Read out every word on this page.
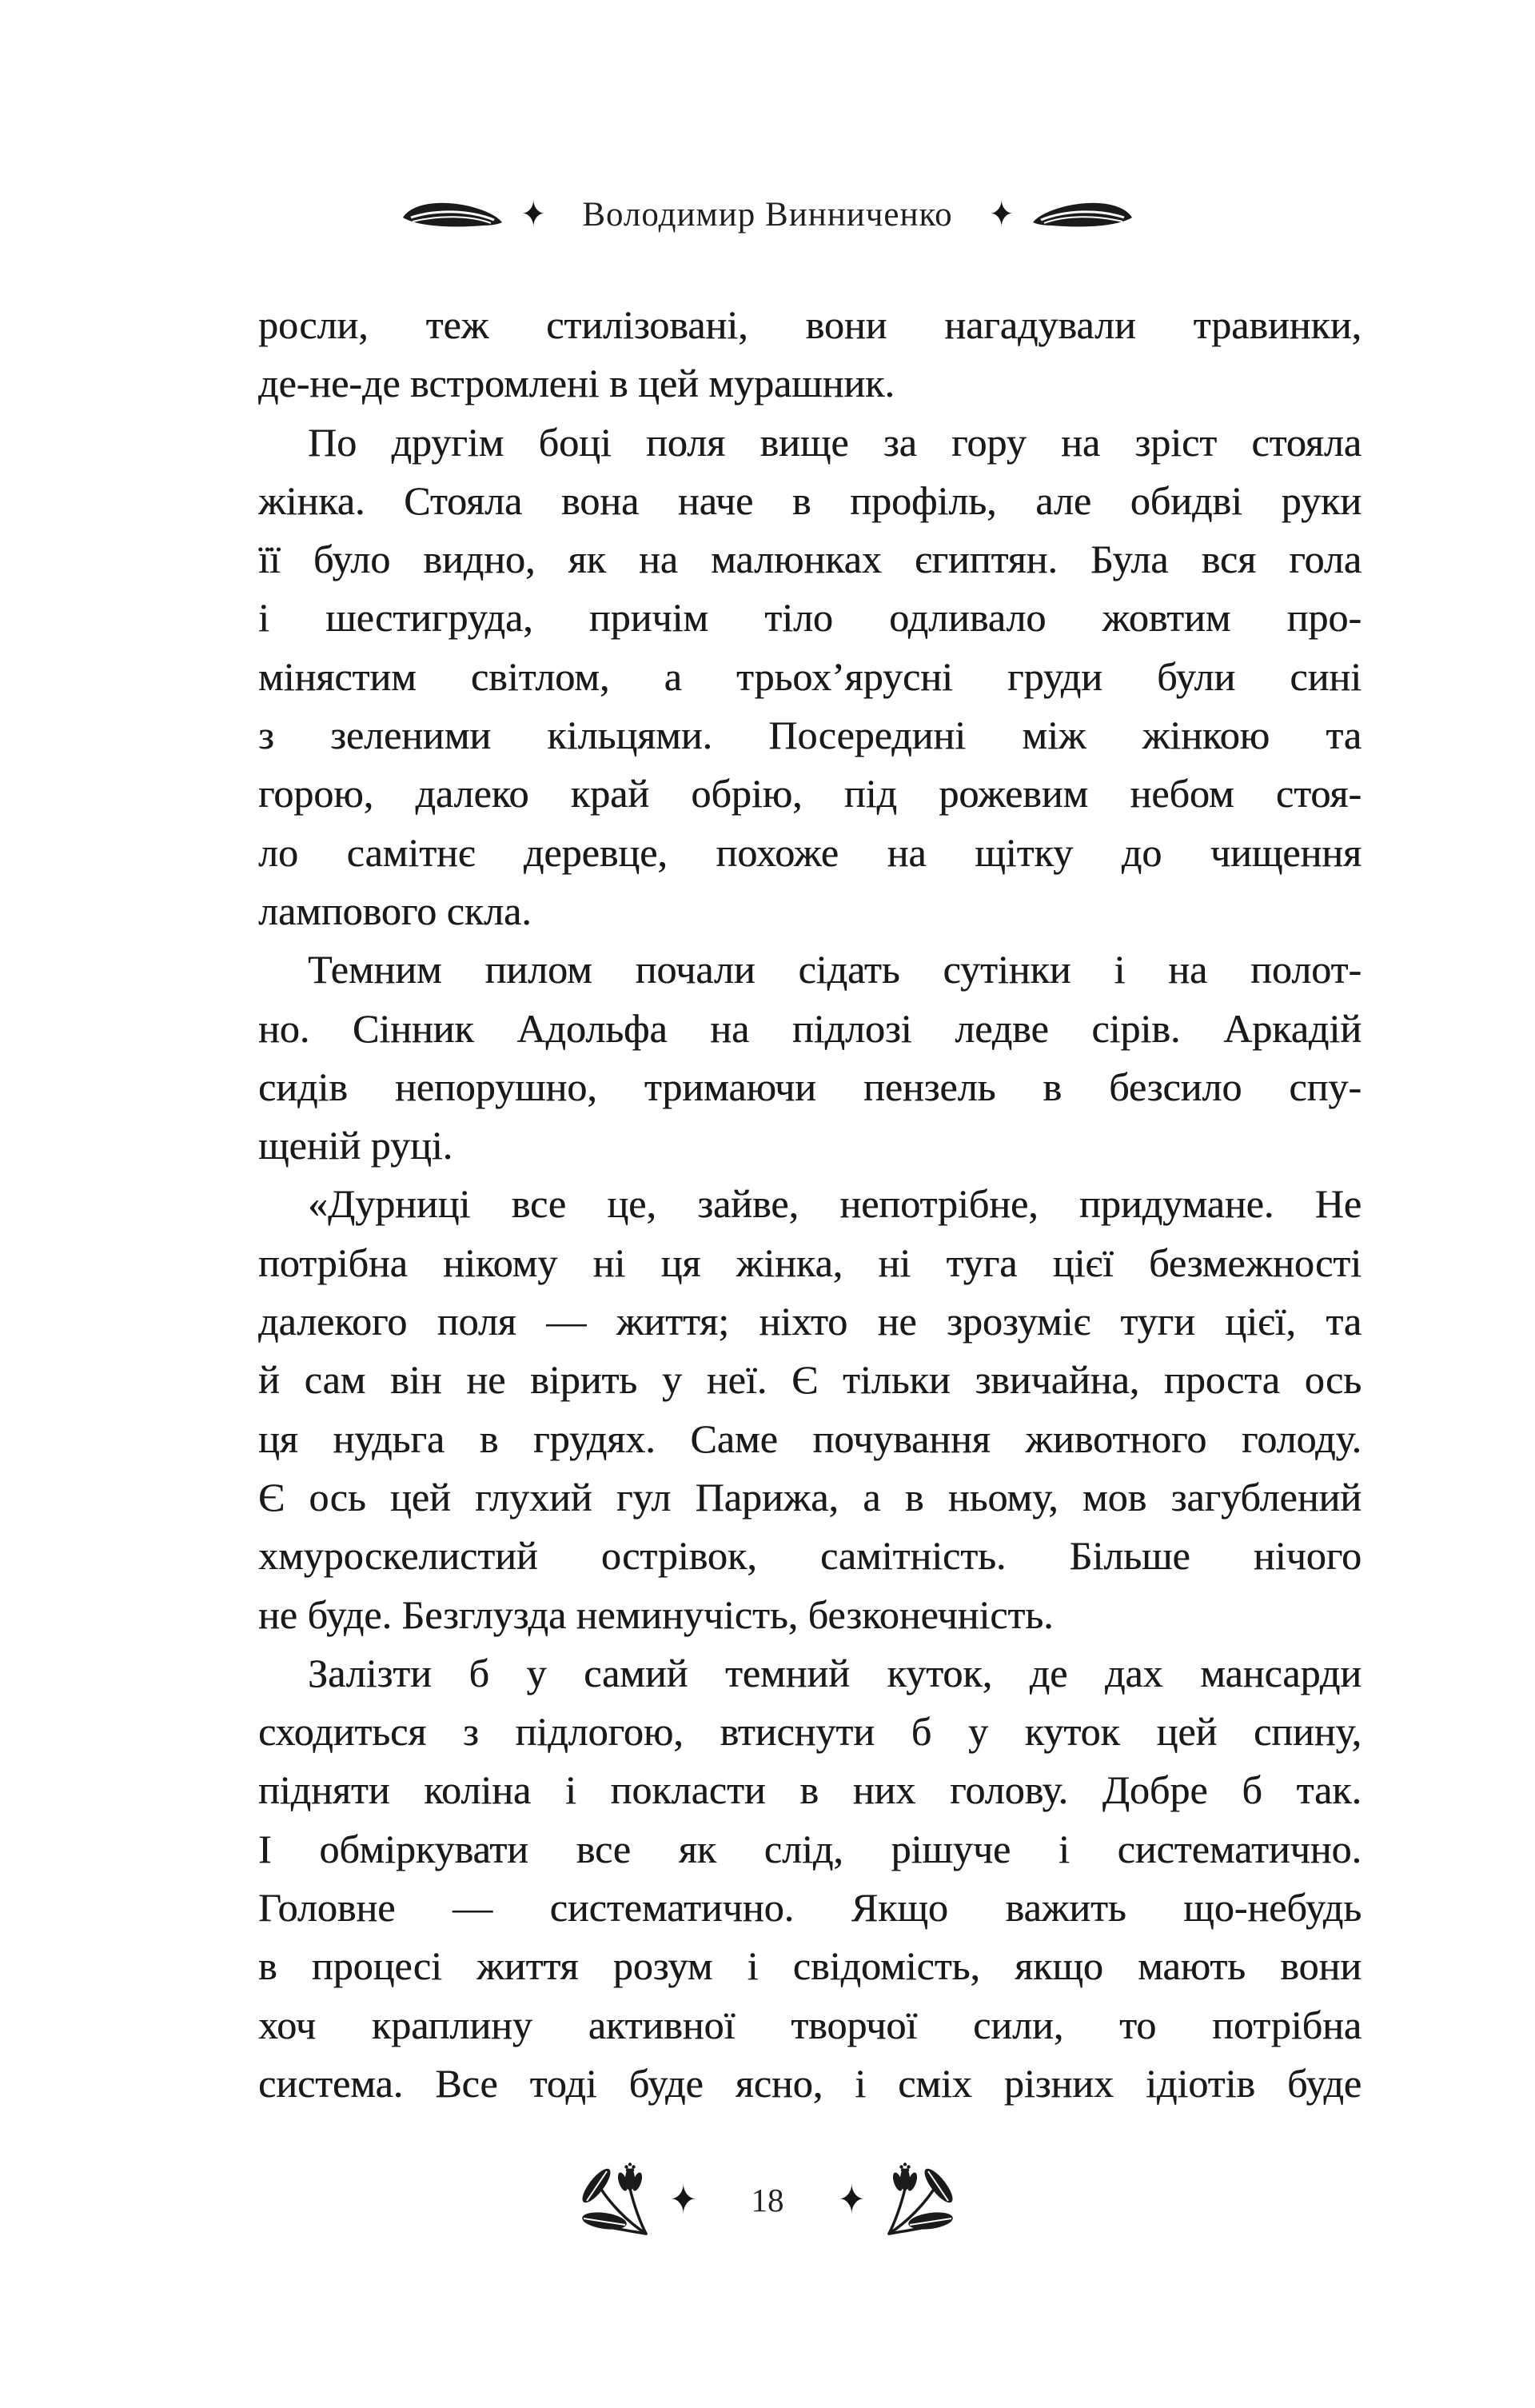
✦ Володимир Винниченко ✦
росли, теж стилізовані, вони нагадували травинки,
де-не-де встромлені в цей мурашник.
По другім боці поля вище за гору на зріст стояла
жінка. Стояла вона наче в профіль, але обидві руки
її було видно, як на малюнках єгиптян. Була вся гола
і шестигруда, причім тіло одливало жовтим про-
мінястим світлом, а трьох’ярусні груди були сині
з зеленими кільцями. Посередині між жінкою та
горою, далеко край обрію, під рожевим небом стоя-
ло самітнє деревце, похоже на щітку до чищення
лампового скла.
Темним пилом почали сідать сутінки і на полот-
но. Сінник Адольфа на підлозі ледве сірів. Аркадій
сидів непорушно, тримаючи пензель в безсило спу-
щеній руці.
«Дурниці все це, зайве, непотрібне, придумане. Не
потрібна нікому ні ця жінка, ні туга цієї безмежності
далекого поля — життя; ніхто не зрозуміє туги цієї, та
й сам він не вірить у неї. Є тільки звичайна, проста ось
ця нудьга в грудях. Саме почування животного голоду.
Є ось цей глухий гул Парижа, а в ньому, мов загублений
хмуроскелистий острівок, самітність. Більше нічого
не буде. Безглузда неминучість, безконечність.
Залізти б у самий темний куток, де дах мансарди
сходиться з підлогою, втиснути б у куток цей спину,
підняти коліна і покласти в них голову. Добре б так.
І обміркувати все як слід, рішуче і систематично.
Головне — систематично. Якщо важить що-небудь
в процесі життя розум і свідомість, якщо мають вони
хоч краплину активної творчої сили, то потрібна
система. Все тоді буде ясно, і сміх різних ідіотів буде
✦ 18 ✦
